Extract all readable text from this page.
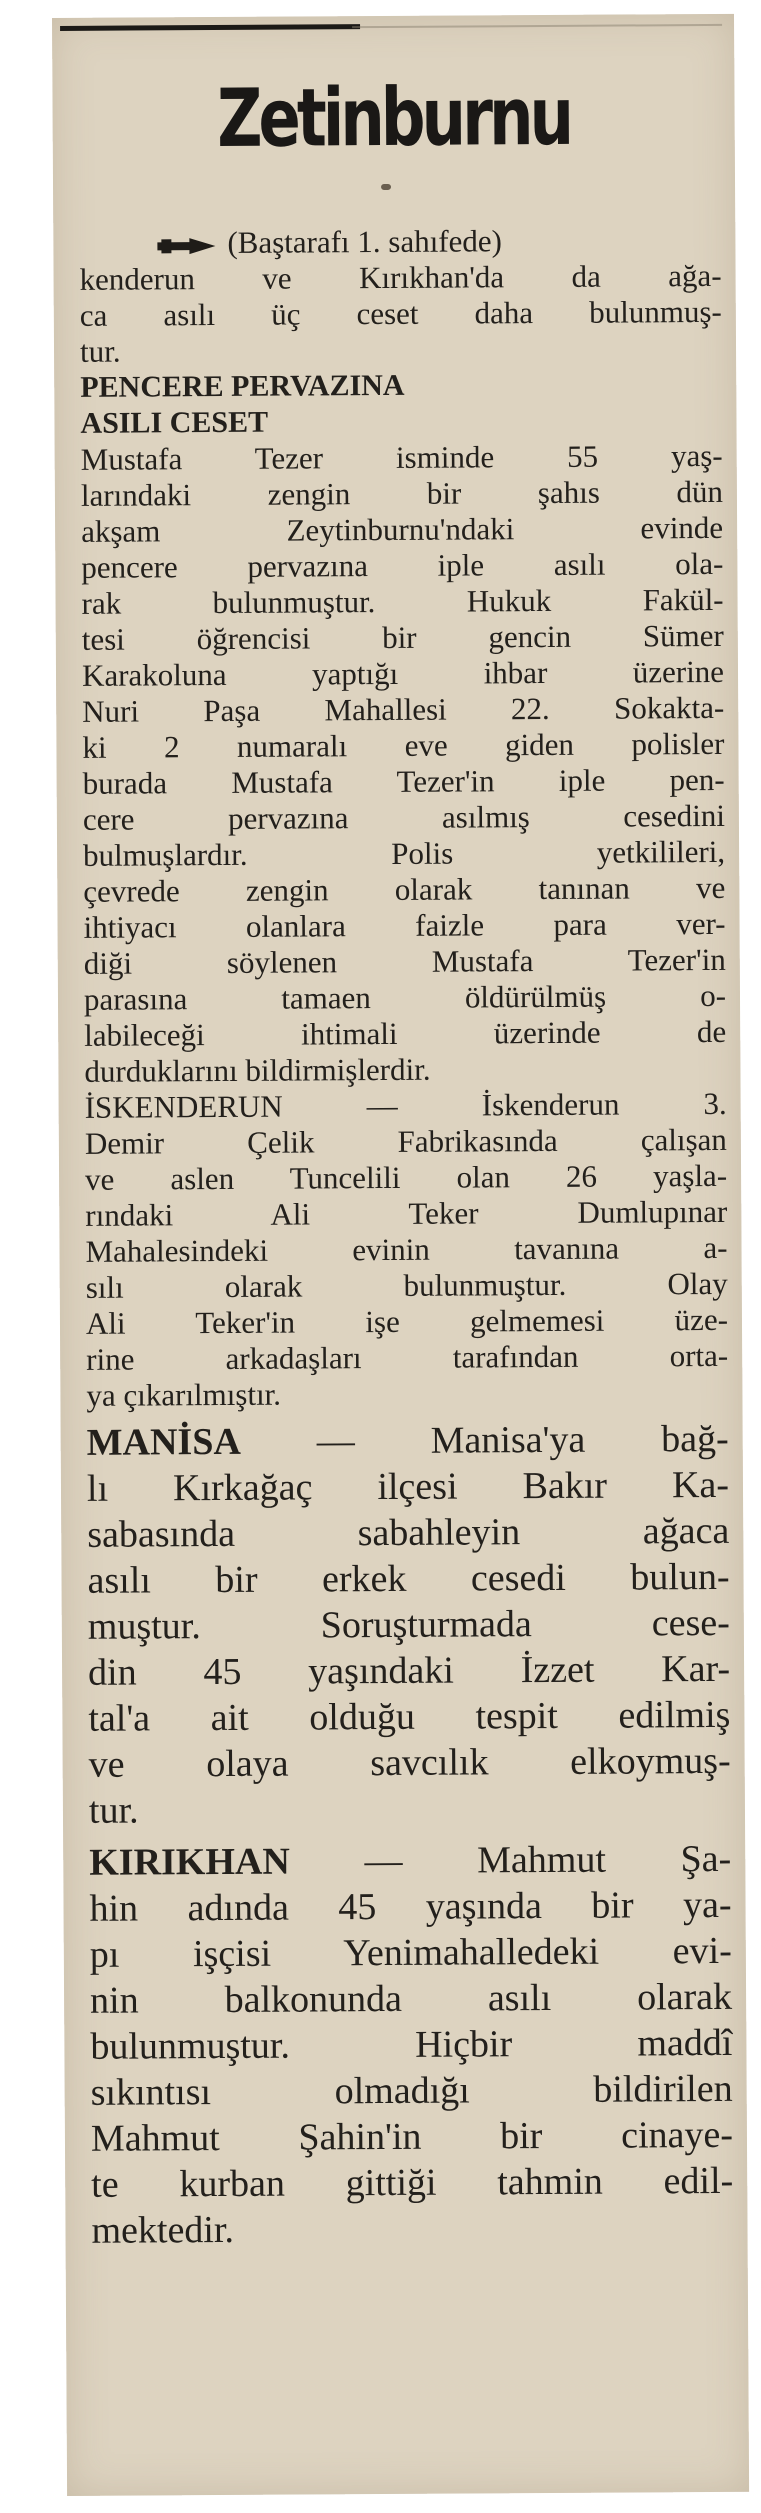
Zetinburnu
(Baştarafı 1. sahıfede)
kenderun ve Kırıkhan'da da ağa-
ca asılı üç ceset daha bulunmuş-
tur.
PENCERE PERVAZINA
ASILI CESET
Mustafa Tezer isminde 55 yaş-
larındaki zengin bir şahıs dün
akşam Zeytinburnu'ndaki evinde
pencere pervazına iple asılı ola-
rak bulunmuştur. Hukuk Fakül-
tesi öğrencisi bir gencin Sümer
Karakoluna yaptığı ihbar üzerine
Nuri Paşa Mahallesi 22. Sokakta-
ki 2 numaralı eve giden polisler
burada Mustafa Tezer'in iple pen-
cere pervazına asılmış cesedini
bulmuşlardır. Polis yetkilileri,
çevrede zengin olarak tanınan ve
ihtiyacı olanlara faizle para ver-
diği söylenen Mustafa Tezer'in
parasına tamaen öldürülmüş o-
labileceği ihtimali üzerinde de
durduklarını bildirmişlerdir.
İSKENDERUN — İskenderun 3.
Demir Çelik Fabrikasında çalışan
ve aslen Tuncelili olan 26 yaşla-
rındaki Ali Teker Dumlupınar
Mahalesindeki evinin tavanına a-
sılı olarak bulunmuştur. Olay
Ali Teker'in işe gelmemesi üze-
rine arkadaşları tarafından orta-
ya çıkarılmıştır.
MANİSA — Manisa'ya bağ-
lı Kırkağaç ilçesi Bakır Ka-
sabasında sabahleyin ağaca
asılı bir erkek cesedi bulun-
muştur. Soruşturmada cese-
din 45 yaşındaki İzzet Kar-
tal'a ait olduğu tespit edilmiş
ve olaya savcılık elkoymuş-
tur.
KIRIKHAN — Mahmut Şa-
hin adında 45 yaşında bir ya-
pı işçisi Yenimahalledeki evi-
nin balkonunda asılı olarak
bulunmuştur. Hiçbir maddî
sıkıntısı olmadığı bildirilen
Mahmut Şahin'in bir cinaye-
te kurban gittiği tahmin edil-
mektedir.
